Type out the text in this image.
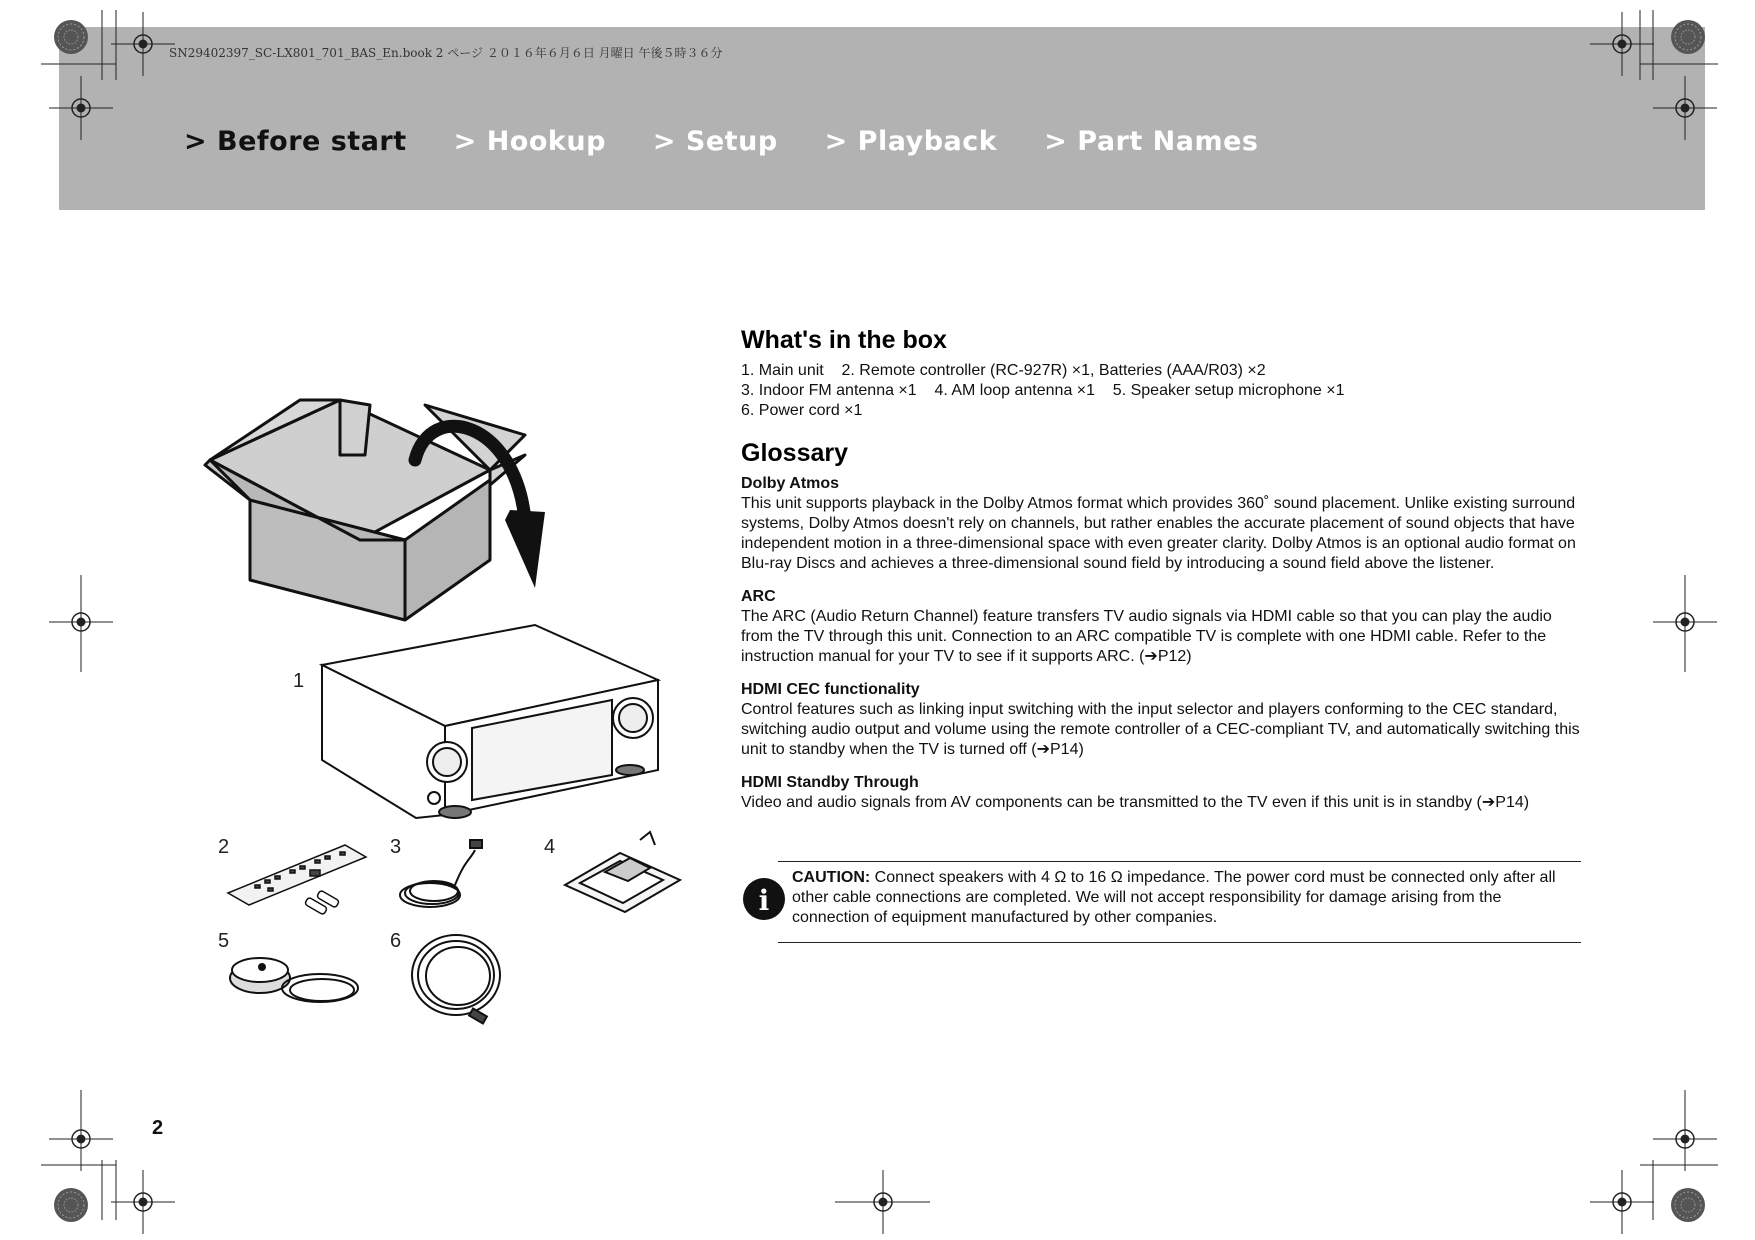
SN29402397_SC-LX801_701_BAS_En.book 2 ページ ２０１６年６月６日 月曜日 午後５時３６分
> Before start > Hookup > Setup > Playback > Part Names
i
1
2	3	4
5	6
What's in the box

1. Main unit    2. Remote controller (RC-927R) ×1, Batteries (AAA/R03) ×2

3. Indoor FM antenna ×1    4. AM loop antenna ×1    5. Speaker setup microphone ×1

6. Power cord ×1

Glossary

Dolby Atmos

This unit supports playback in the Dolby Atmos format which provides 360˚ sound placement. Unlike existing surround systems, Dolby Atmos doesn't rely on channels, but rather enables the accurate placement of sound objects that have independent motion in a three-dimensional space with even greater clarity. Dolby Atmos is an optional audio format on Blu-ray Discs and achieves a three-dimensional sound field by introducing a sound field above the listener.

ARC

The ARC (Audio Return Channel) feature transfers TV audio signals via HDMI cable so that you can play the audio from the TV through this unit. Connection to an ARC compatible TV is complete with one HDMI cable. Refer to the instruction manual for your TV to see if it supports ARC. (➔P12)

HDMI CEC functionality

Control features such as linking input switching with the input selector and players conforming to the CEC standard, switching audio output and volume using the remote controller of a CEC-compliant TV, and automatically switching this unit to standby when the TV is turned off (➔P14)

HDMI Standby Through

Video and audio signals from AV components can be transmitted to the TV even if this unit is in standby (➔P14)

CAUTION: Connect speakers with 4 Ω to 16 Ω impedance. The power cord must be connected only after all other cable connections are completed. We will not accept responsibility for damage arising from the connection of equipment manufactured by other companies.
2
